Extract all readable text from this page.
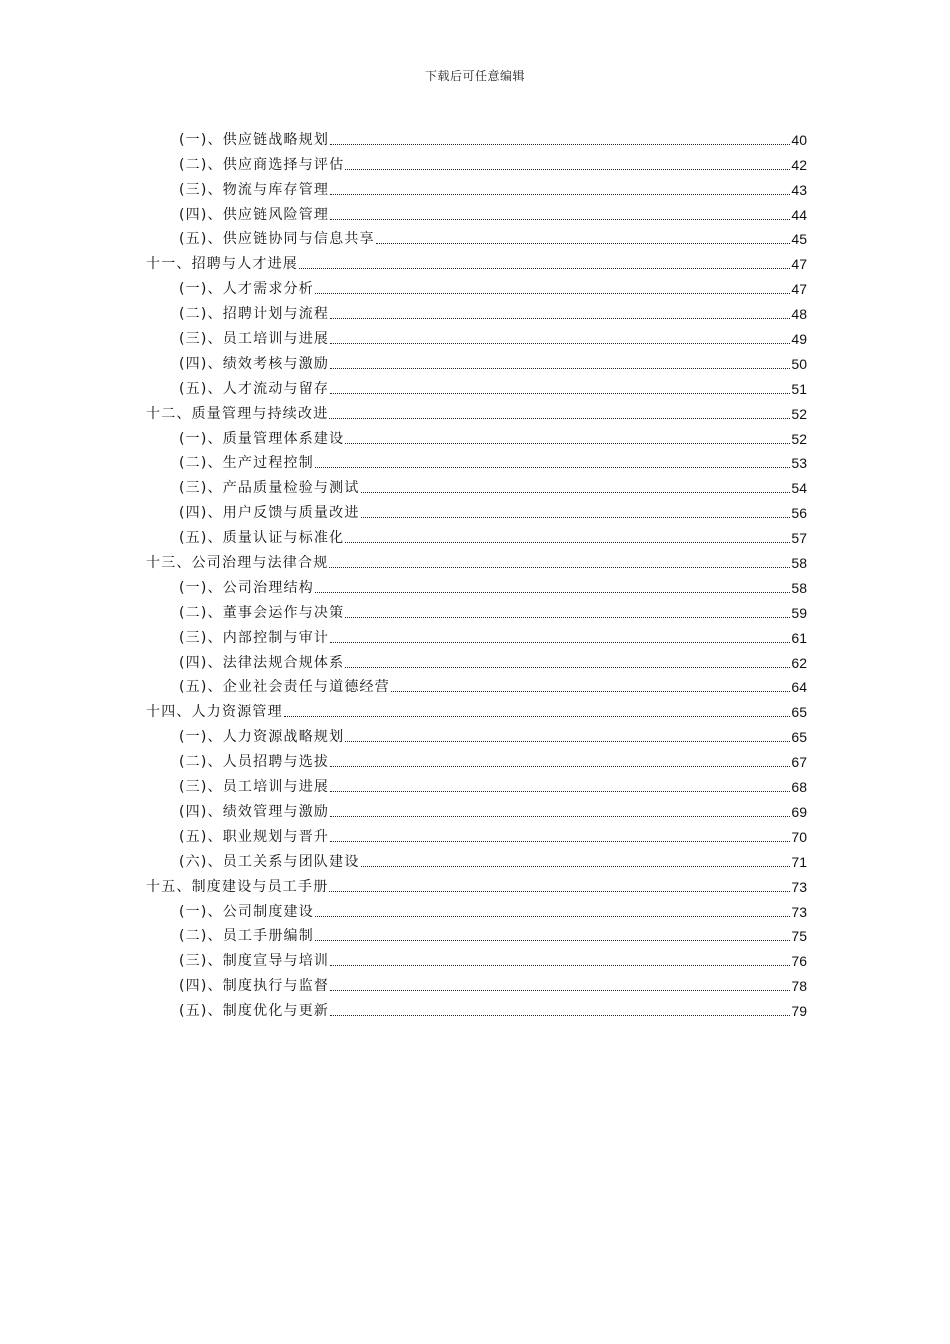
下载后可任意编辑
(一)、供应链战略规划	40
(二)、供应商选择与评估	42
(三)、物流与库存管理	43
(四)、供应链风险管理	44
(五)、供应链协同与信息共享	45
十一、招聘与人才进展	47
(一)、人才需求分析	47
(二)、招聘计划与流程	48
(三)、员工培训与进展	49
(四)、绩效考核与激励	50
(五)、人才流动与留存	51
十二、质量管理与持续改进	52
(一)、质量管理体系建设	52
(二)、生产过程控制	53
(三)、产品质量检验与测试	54
(四)、用户反馈与质量改进	56
(五)、质量认证与标准化	57
十三、公司治理与法律合规	58
(一)、公司治理结构	58
(二)、董事会运作与决策	59
(三)、内部控制与审计	61
(四)、法律法规合规体系	62
(五)、企业社会责任与道德经营	64
十四、人力资源管理	65
(一)、人力资源战略规划	65
(二)、人员招聘与选拔	67
(三)、员工培训与进展	68
(四)、绩效管理与激励	69
(五)、职业规划与晋升	70
(六)、员工关系与团队建设	71
十五、制度建设与员工手册	73
(一)、公司制度建设	73
(二)、员工手册编制	75
(三)、制度宣导与培训	76
(四)、制度执行与监督	78
(五)、制度优化与更新	79
